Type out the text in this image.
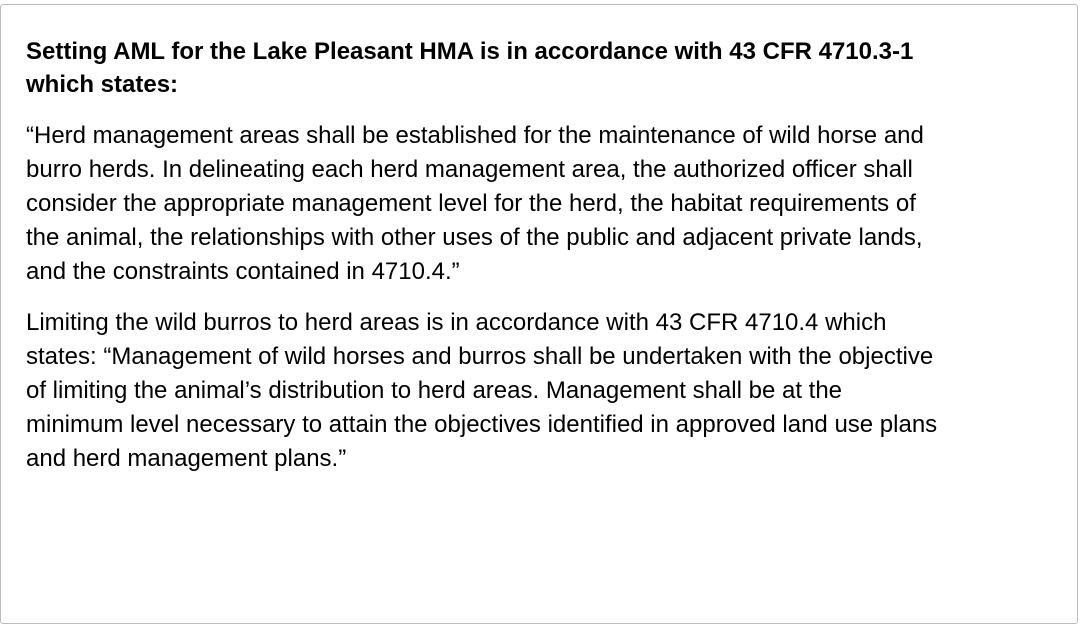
Setting AML for the Lake Pleasant HMA is in accordance with 43 CFR 4710.3-1
which states:

“Herd management areas shall be established for the maintenance of wild horse and
burro herds. In delineating each herd management area, the authorized officer shall
consider the appropriate management level for the herd, the habitat requirements of
the animal, the relationships with other uses of the public and adjacent private lands,
and the constraints contained in 4710.4.”

Limiting the wild burros to herd areas is in accordance with 43 CFR 4710.4 which
states: “Management of wild horses and burros shall be undertaken with the objective
of limiting the animal’s distribution to herd areas. Management shall be at the
minimum level necessary to attain the objectives identified in approved land use plans
and herd management plans.”
